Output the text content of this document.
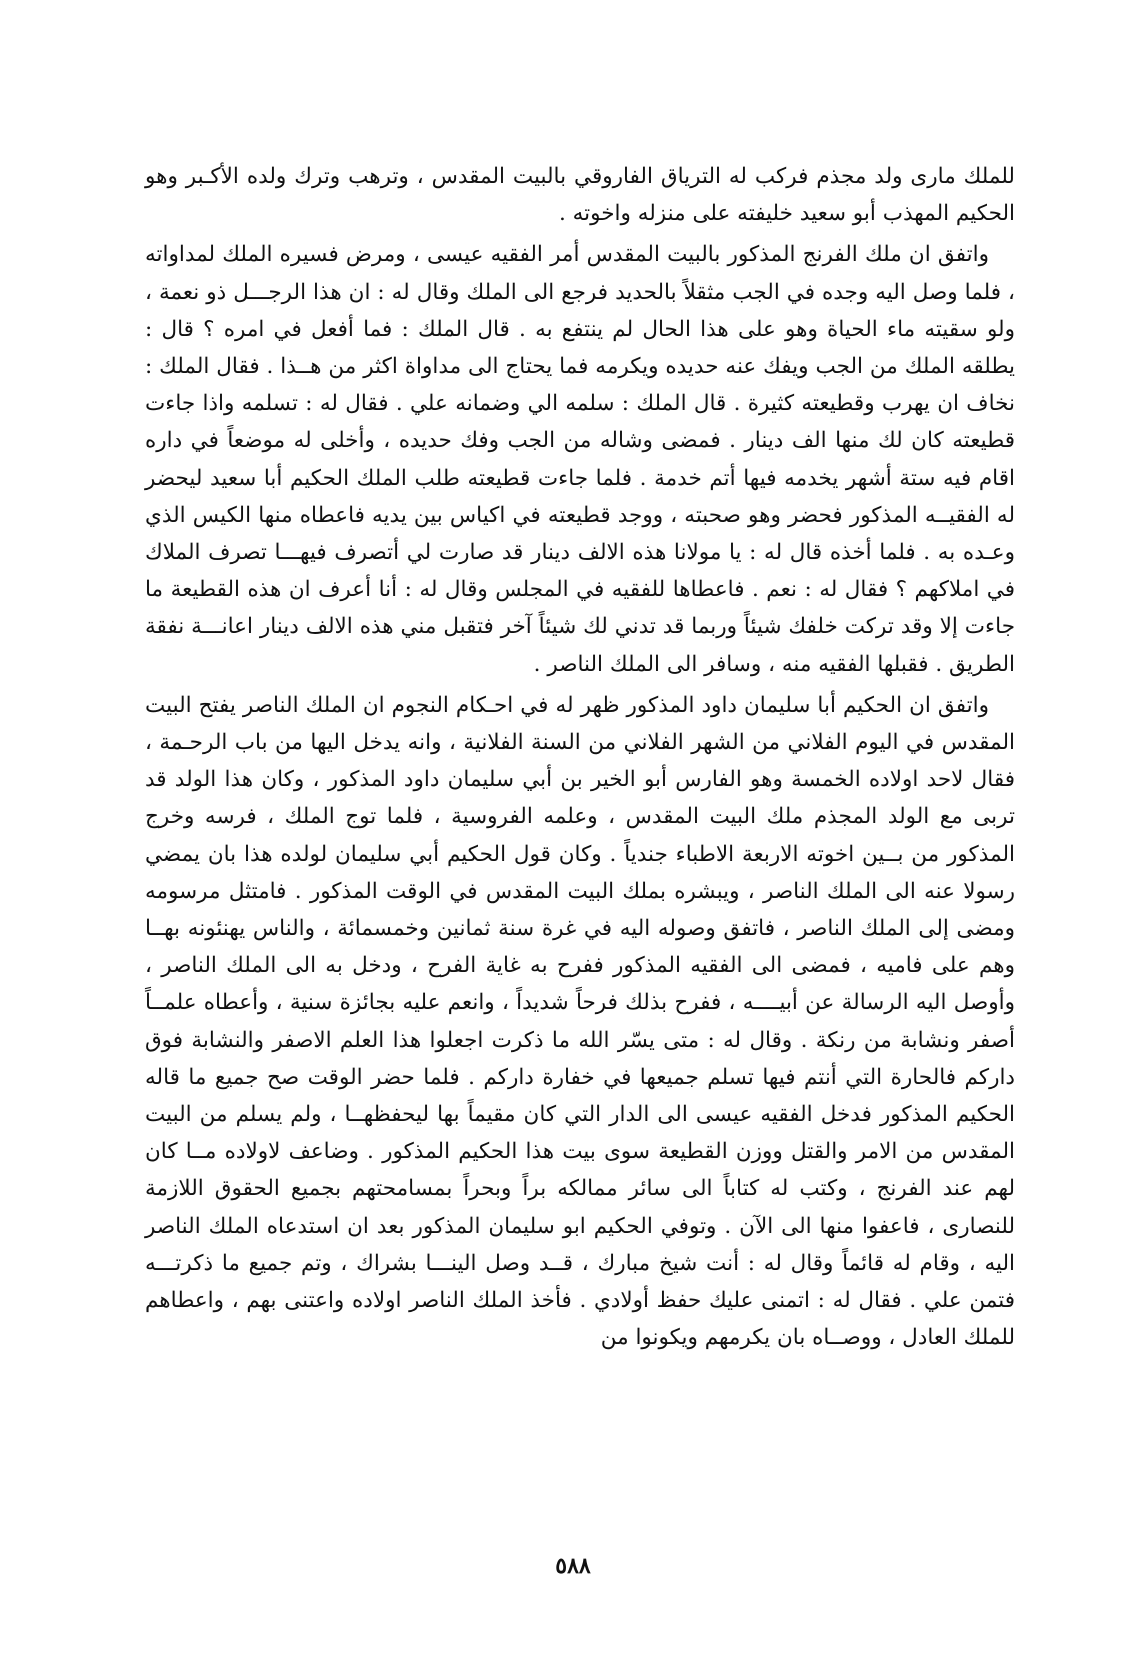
للملك مارى ولد مجذم فركب له الترياق الفاروقي بالبيت المقدس ، وترهب وترك ولده الأكـبر وهو الحكيم المهذب أبو سعيد خليفته على منزله واخوته .

واتفق ان ملك الفرنج المذكور بالبيت المقدس أمر الفقيه عيسى ، ومرض فسيره الملك لمداواته ، فلما وصل اليه وجده في الجب مثقلاً بالحديد فرجع الى الملك وقال له : ان هذا الرجـــل ذو نعمة ، ولو سقيته ماء الحياة وهو على هذا الحال لم ينتفع به . قال الملك : فما أفعل في امره ؟ قال : يطلقه الملك من الجب ويفك عنه حديده ويكرمه فما يحتاج الى مداواة اكثر من هــذا . فقال الملك : نخاف ان يهرب وقطيعته كثيرة . قال الملك : سلمه الي وضمانه علي . فقال له : تسلمه واذا جاءت قطيعته كان لك منها الف دينار . فمضى وشاله من الجب وفك حديده ، وأخلى له موضعاً في داره اقام فيه ستة أشهر يخدمه فيها أتم خدمة . فلما جاءت قطيعته طلب الملك الحكيم أبا سعيد ليحضر له الفقيــه المذكور فحضر وهو صحبته ، ووجد قطيعته في اكياس بين يديه فاعطاه منها الكيس الذي وعـده به . فلما أخذه قال له : يا مولانا هذه الالف دينار قد صارت لي أتصرف فيهـــا تصرف الملاك في املاكهم ؟ فقال له : نعم . فاعطاها للفقيه في المجلس وقال له : أنا أعرف ان هذه القطيعة ما جاءت إلا وقد تركت خلفك شيئاً وربما قد تدني لك شيئاً آخر فتقبل مني هذه الالف دينار اعانـــة نفقة الطريق . فقبلها الفقيه منه ، وسافر الى الملك الناصر .

واتفق ان الحكيم أبا سليمان داود المذكور ظهر له في احـكام النجوم ان الملك الناصر يفتح البيت المقدس في اليوم الفلاني من الشهر الفلاني من السنة الفلانية ، وانه يدخل اليها من باب الرحـمة ، فقال لاحد اولاده الخمسة وهو الفارس أبو الخير بن أبي سليمان داود المذكور ، وكان هذا الولد قد تربى مع الولد المجذم ملك البيت المقدس ، وعلمه الفروسية ، فلما توج الملك ، فرسه وخرج المذكور من بــين اخوته الاربعة الاطباء جندياً . وكان قول الحكيم أبي سليمان لولده هذا بان يمضي رسولا عنه الى الملك الناصر ، ويبشره بملك البيت المقدس في الوقت المذكور . فامتثل مرسومه ومضى إلى الملك الناصر ، فاتفق وصوله اليه في غرة سنة ثمانين وخمسمائة ، والناس يهنئونه بهــا وهم على فاميه ، فمضى الى الفقيه المذكور ففرح به غاية الفرح ، ودخل به الى الملك الناصر ، وأوصل اليه الرسالة عن أبيــــه ، ففرح بذلك فرحاً شديداً ، وانعم عليه بجائزة سنية ، وأعطاه علمــاً أصفر ونشابة من رنكة . وقال له : متى يسّر الله ما ذكرت اجعلوا هذا العلم الاصفر والنشابة فوق داركم فالحارة التي أنتم فيها تسلم جميعها في خفارة داركم . فلما حضر الوقت صح جميع ما قاله الحكيم المذكور فدخل الفقيه عيسى الى الدار التي كان مقيماً بها ليحفظهــا ، ولم يسلم من البيت المقدس من الامر والقتل ووزن القطيعة سوى بيت هذا الحكيم المذكور . وضاعف لاولاده مــا كان لهم عند الفرنج ، وكتب له كتاباً الى سائر ممالكه براً وبحراً بمسامحتهم بجميع الحقوق اللازمة للنصارى ، فاعفوا منها الى الآن . وتوفي الحكيم ابو سليمان المذكور بعد ان استدعاه الملك الناصر اليه ، وقام له قائماً وقال له : أنت شيخ مبارك ، قــد وصل الينـــا بشراك ، وتم جميع ما ذكرتـــه فتمن علي . فقال له : اتمنى عليك حفظ أولادي . فأخذ الملك الناصر اولاده واعتنى بهم ، واعطاهم للملك العادل ، ووصــاه بان يكرمهم ويكونوا من

٥٨٨
